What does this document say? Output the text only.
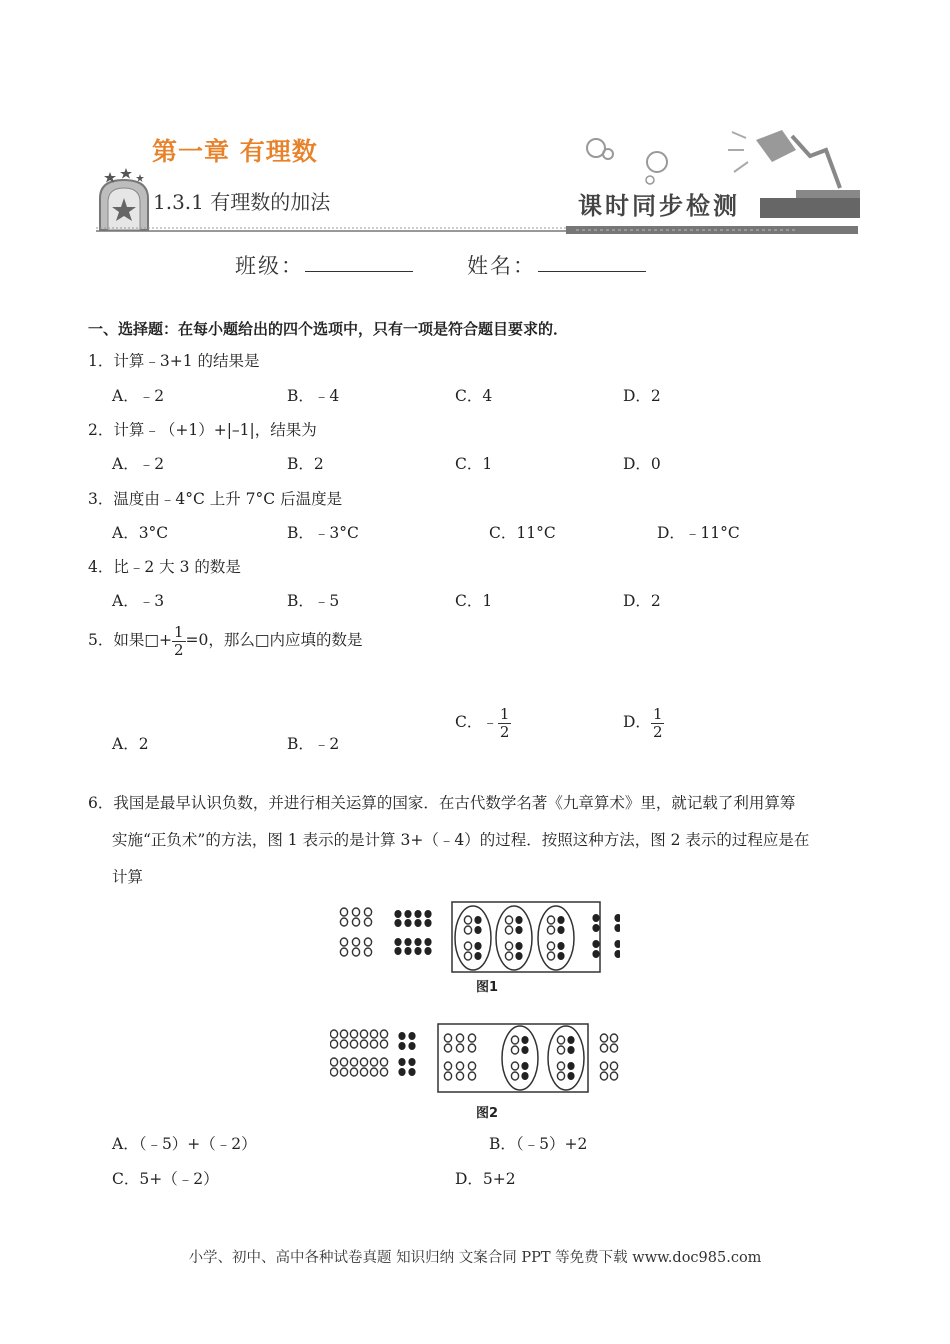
第一章 有理数
1.3.1 有理数的加法	课时同步检测
班级：	姓名：
一、选择题：在每小题给出的四个选项中，只有一项是符合题目要求的．
1．计算﹣3+1 的结果是
A．﹣2	B．﹣4	C．4	D．2
2．计算﹣（+1）+|–1|，结果为
A．﹣2	B．2	C．1	D．0
3．温度由﹣4°C 上升 7°C 后温度是
A．3°C	B．﹣3°C	C．11°C	D．﹣11°C
4．比﹣2 大 3 的数是
A．﹣3	B．﹣5	C．1	D．2
5．如果□+ $\frac{1}{2} =0$，那么□内应填的数是
A．2	B．﹣2
C．﹣ $\frac{1}{2}$	D． $\frac{1}{2}$
6．我国是最早认识负数，并进行相关运算的国家．在古代数学名著《九章算术》里，就记载了利用算筹
实施“正负术”的方法，图 1 表示的是计算 3+（﹣4）的过程．按照这种方法，图 2 表示的过程应是在
计算
图1
图2
A．（﹣5）+（﹣2）	B．（﹣5）+2
C．5+（﹣2）	D．5+2
小学、初中、高中各种试卷真题 知识归纳 文案合同 PPT 等免费下载 www.doc985.com
